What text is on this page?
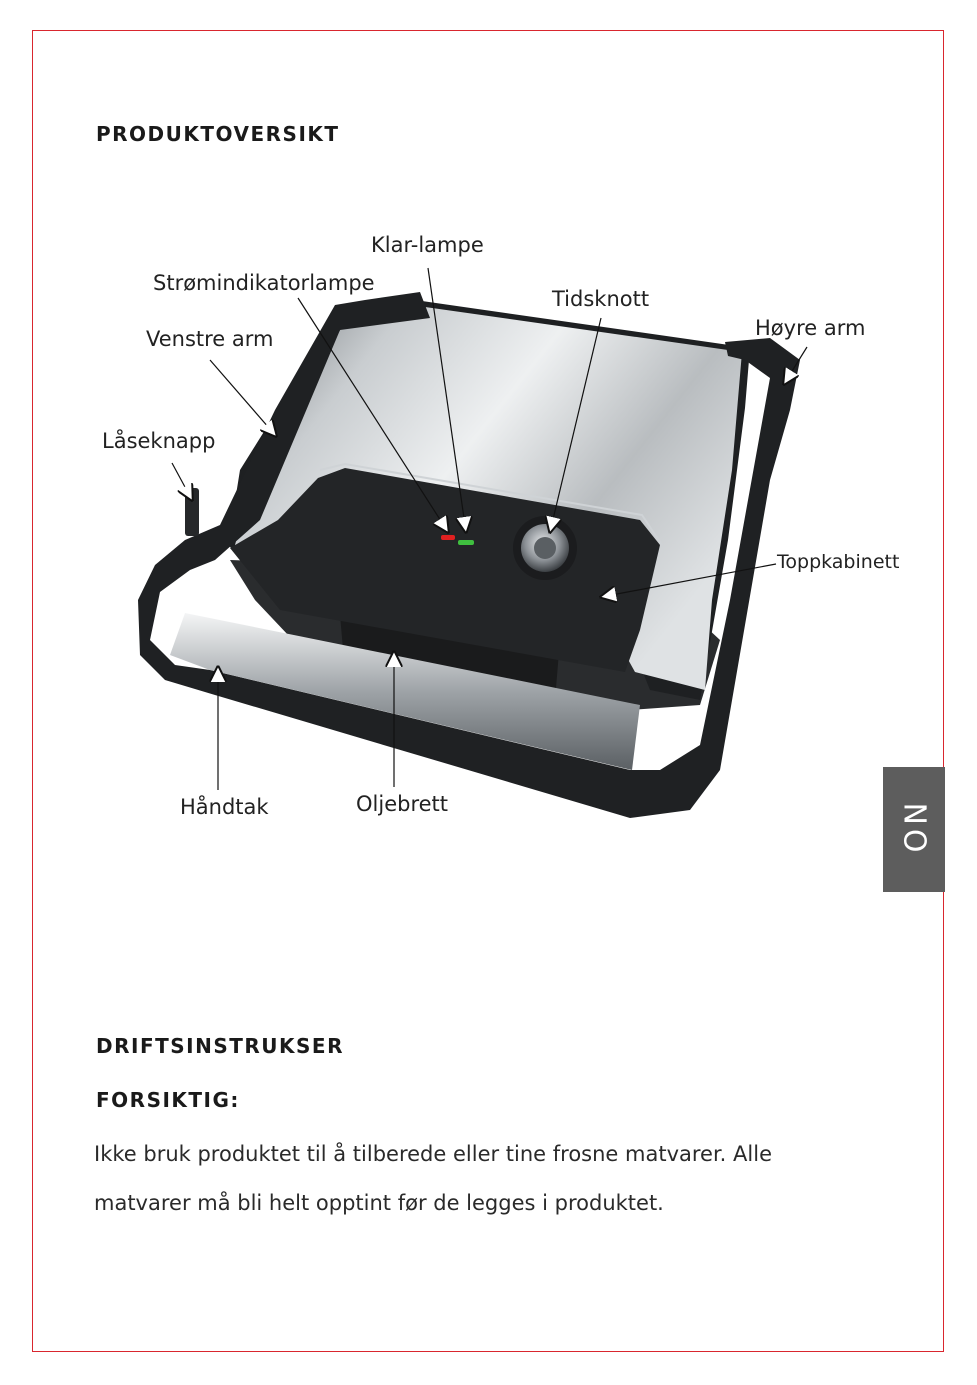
PRODUKTOVERSIKT
Klar-lampe
Strømindikatorlampe
Tidsknott
Høyre arm
Venstre arm
Låseknapp
Toppkabinett
Håndtak	Oljebrett	NO
DRIFTSINSTRUKSER
FORSIKTIG:

Ikke bruk produktet til å tilberede eller tine frosne matvarer. Alle
matvarer må bli helt opptint før de legges i produktet.
